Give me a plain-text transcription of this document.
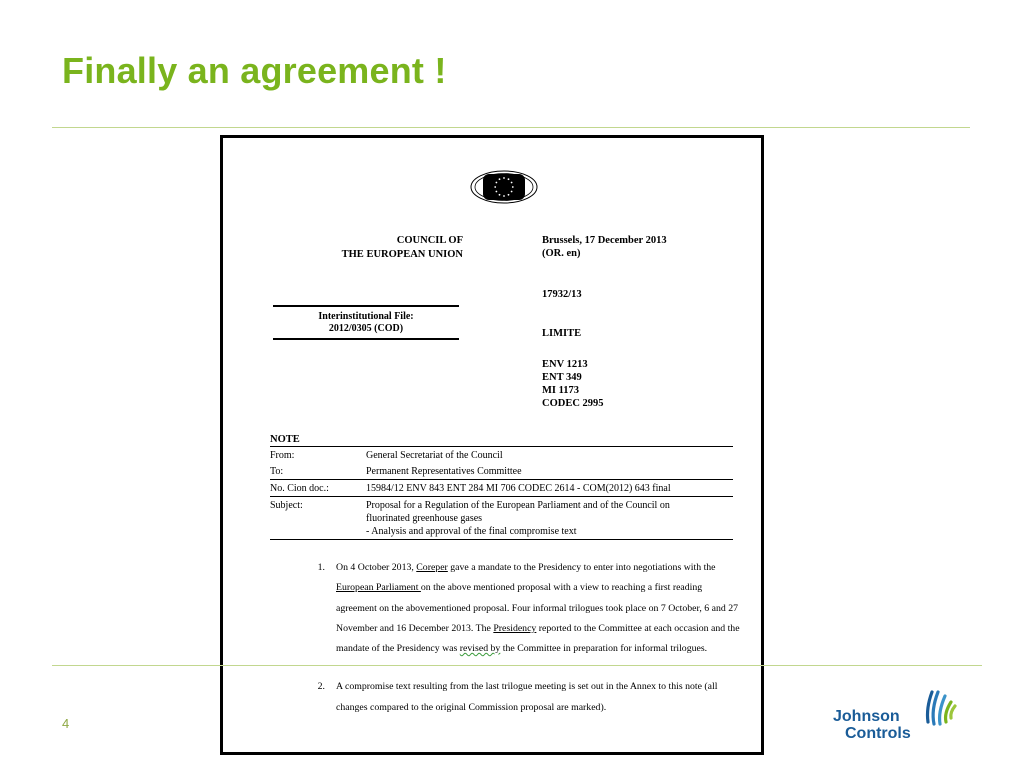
Finally an agreement !
COUNCIL OF
THE EUROPEAN UNION
Brussels, 17 December 2013
(OR. en)
17932/13
LIMITE
ENV 1213
ENT 349
MI 1173
CODEC 2995
Interinstitutional File:
2012/0305 (COD)
NOTE
From:	General Secretariat of the Council
To:	Permanent Representatives Committee
No. Cion doc.:	15984/12 ENV 843 ENT 284 MI 706 CODEC 2614 - COM(2012) 643 final
Subject:	Proposal for a Regulation of the European Parliament and of the Council on
fluorinated greenhouse gases
- Analysis and approval of the final compromise text
1.	On 4 October 2013, Coreper gave a mandate to the Presidency to enter into negotiations with the European Parliament on the above mentioned proposal with a view to reaching a first reading agreement on the abovementioned proposal. Four informal trilogues took place on 7 October, 6 and 27 November and 16 December 2013. The Presidency reported to the Committee at each occasion and the mandate of the Presidency was revised by the Committee in preparation for informal trilogues.
2.	A compromise text resulting from the last trilogue meeting is set out in the Annex to this note (all changes compared to the original Commission proposal are marked).
4	Johnson
Controls
